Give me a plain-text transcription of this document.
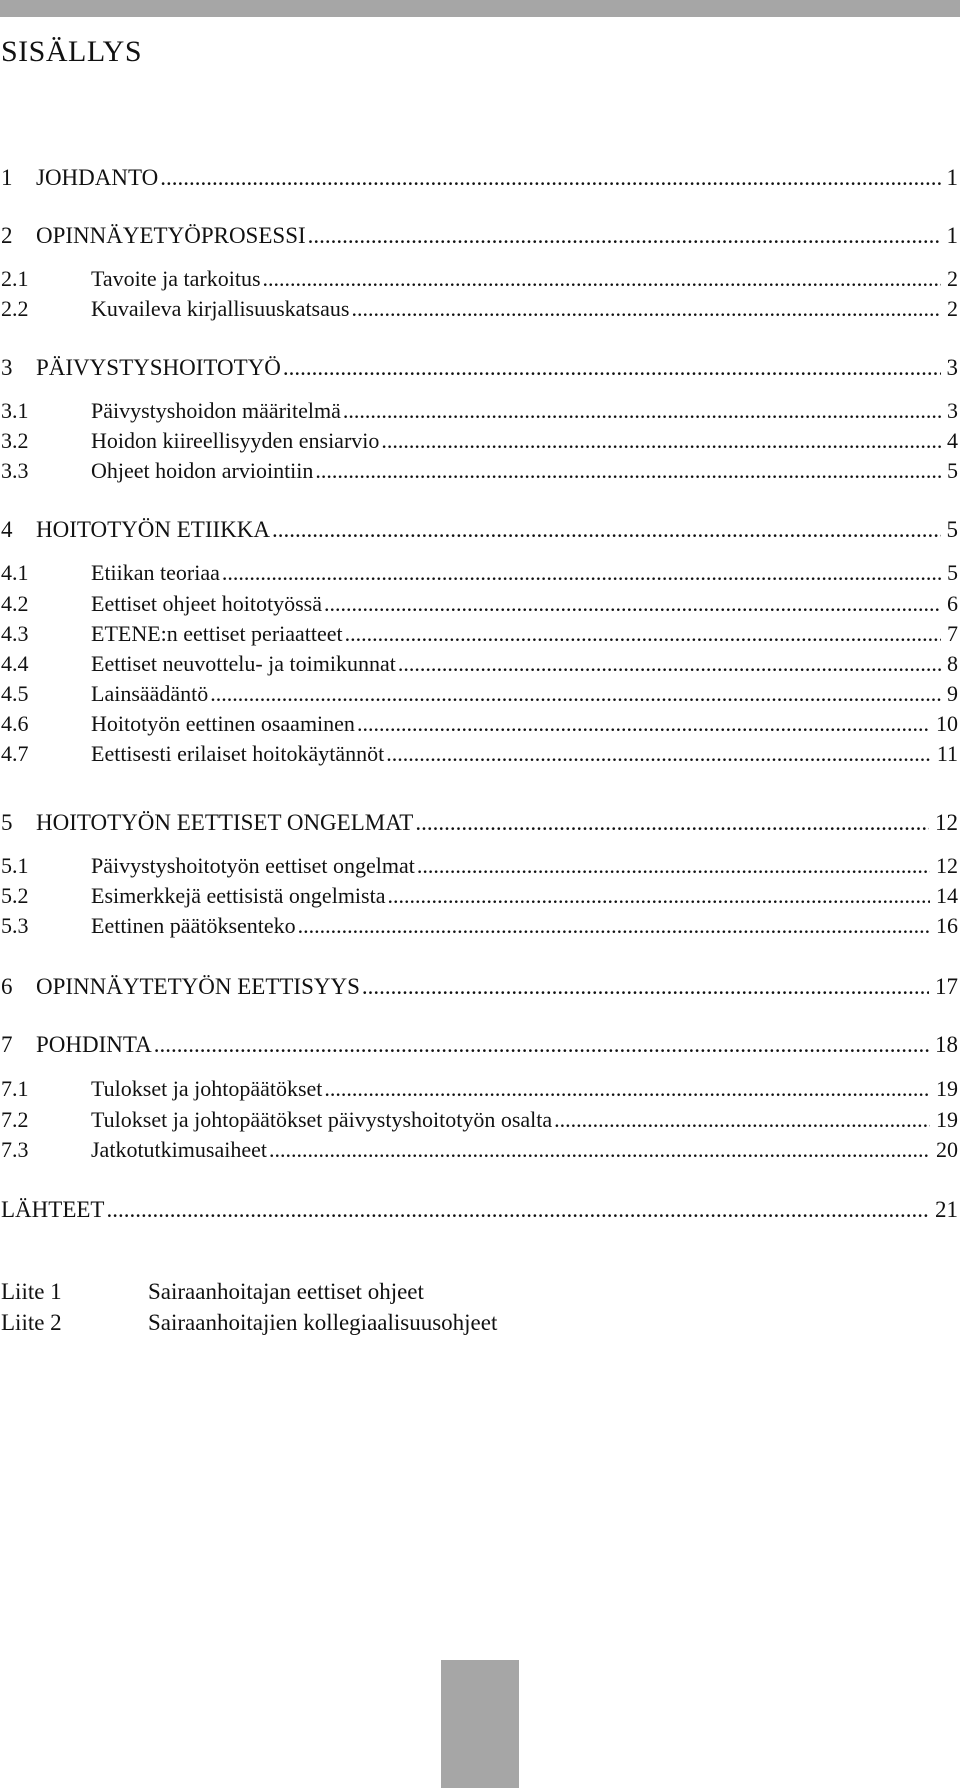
SISÄLLYS
1	JOHDANTO .....	1
2	OPINNÄYETYÖPROSESSI .....	1
2.1	Tavoite ja tarkoitus .....	2
2.2	Kuvaileva kirjallisuuskatsaus .....	2
3	PÄIVYSTYSHOITOTYÖ .....	3
3.1	Päivystyshoidon määritelmä .....	3
3.2	Hoidon kiireellisyyden ensiarvio .....	4
3.3	Ohjeet hoidon arviointiin .....	5
4	HOITOTYÖN ETIIKKA .....	5
4.1	Etiikan teoriaa .....	5
4.2	Eettiset ohjeet hoitotyössä .....	6
4.3	ETENE:n eettiset periaatteet .....	7
4.4	Eettiset neuvottelu- ja toimikunnat .....	8
4.5	Lainsäädäntö .....	9
4.6	Hoitotyön eettinen osaaminen .....	10
4.7	Eettisesti erilaiset hoitokäytännöt .....	11
5	HOITOTYÖN EETTISET ONGELMAT .....	12
5.1	Päivystyshoitotyön eettiset ongelmat .....	12
5.2	Esimerkkejä eettisistä ongelmista .....	14
5.3	Eettinen päätöksenteko .....	16
6	OPINNÄYTETYÖN EETTISYYS .....	17
7	POHDINTA .....	18
7.1	Tulokset ja johtopäätökset .....	19
7.2	Tulokset ja johtopäätökset päivystyshoitotyön osalta .....	19
7.3	Jatkotutkimusaiheet .....	20
LÄHTEET .....	21
Liite 1	Sairaanhoitajan eettiset ohjeet
Liite 2	Sairaanhoitajien kollegiaalisuusohjeet
